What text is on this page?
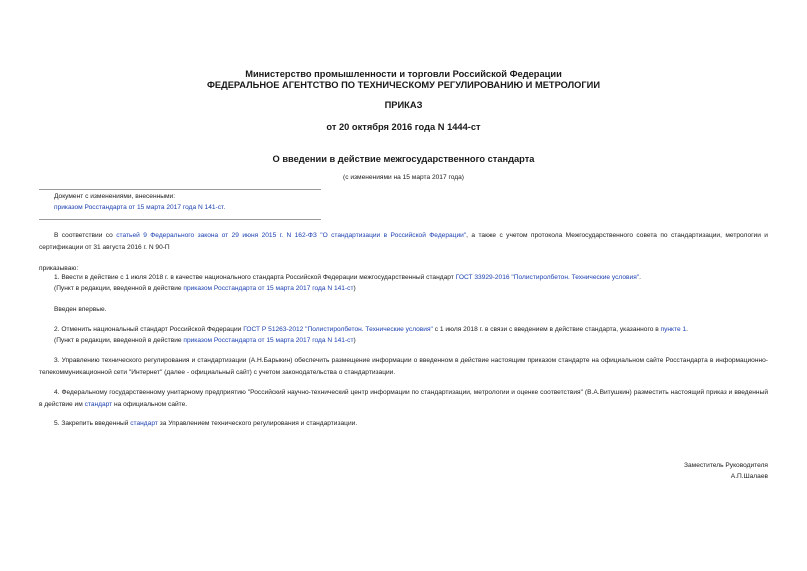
Министерство промышленности и торговли Российской Федерации
ФЕДЕРАЛЬНОЕ АГЕНТСТВО ПО ТЕХНИЧЕСКОМУ РЕГУЛИРОВАНИЮ И МЕТРОЛОГИИ
ПРИКАЗ
от 20 октября 2016 года N 1444-ст
О введении в действие межгосударственного стандарта
(с изменениями на 15 марта 2017 года)
Документ с изменениями, внесенными:
приказом Росстандарта от 15 марта 2017 года N 141-ст.
В соответствии со статьей 9 Федерального закона от 29 июня 2015 г. N 162-ФЗ "О стандартизации в Российской Федерации", а также с учетом протокола Межгосударственного совета по стандартизации, метрологии и сертификации от 31 августа 2016 г. N 90-П
приказываю:
1. Ввести в действие с 1 июля 2018 г. в качестве национального стандарта Российской Федерации межгосударственный стандарт ГОСТ 33929-2016 "Полистиролбетон. Технические условия".
(Пункт в редакции, введенной в действие приказом Росстандарта от 15 марта 2017 года N 141-ст)
Введен впервые.
2. Отменить национальный стандарт Российской Федерации ГОСТ Р 51263-2012 "Полистиролбетон. Технические условия" с 1 июля 2018 г. в связи с введением в действие стандарта, указанного в пункте 1.
(Пункт в редакции, введенной в действие приказом Росстандарта от 15 марта 2017 года N 141-ст)
3. Управлению технического регулирования и стандартизации (А.Н.Барыкин) обеспечить размещение информации о введенном в действие настоящим приказом стандарте на официальном сайте Росстандарта в информационно-телекоммуникационной сети "Интернет" (далее - официальный сайт) с учетом законодательства о стандартизации.
4. Федеральному государственному унитарному предприятию "Российский научно-технический центр информации по стандартизации, метрологии и оценке соответствия" (В.А.Витушкин) разместить настоящий приказ и введенный в действие им стандарт на официальном сайте.
5. Закрепить введенный стандарт за Управлением технического регулирования и стандартизации.
Заместитель Руководителя
А.П.Шалаев
